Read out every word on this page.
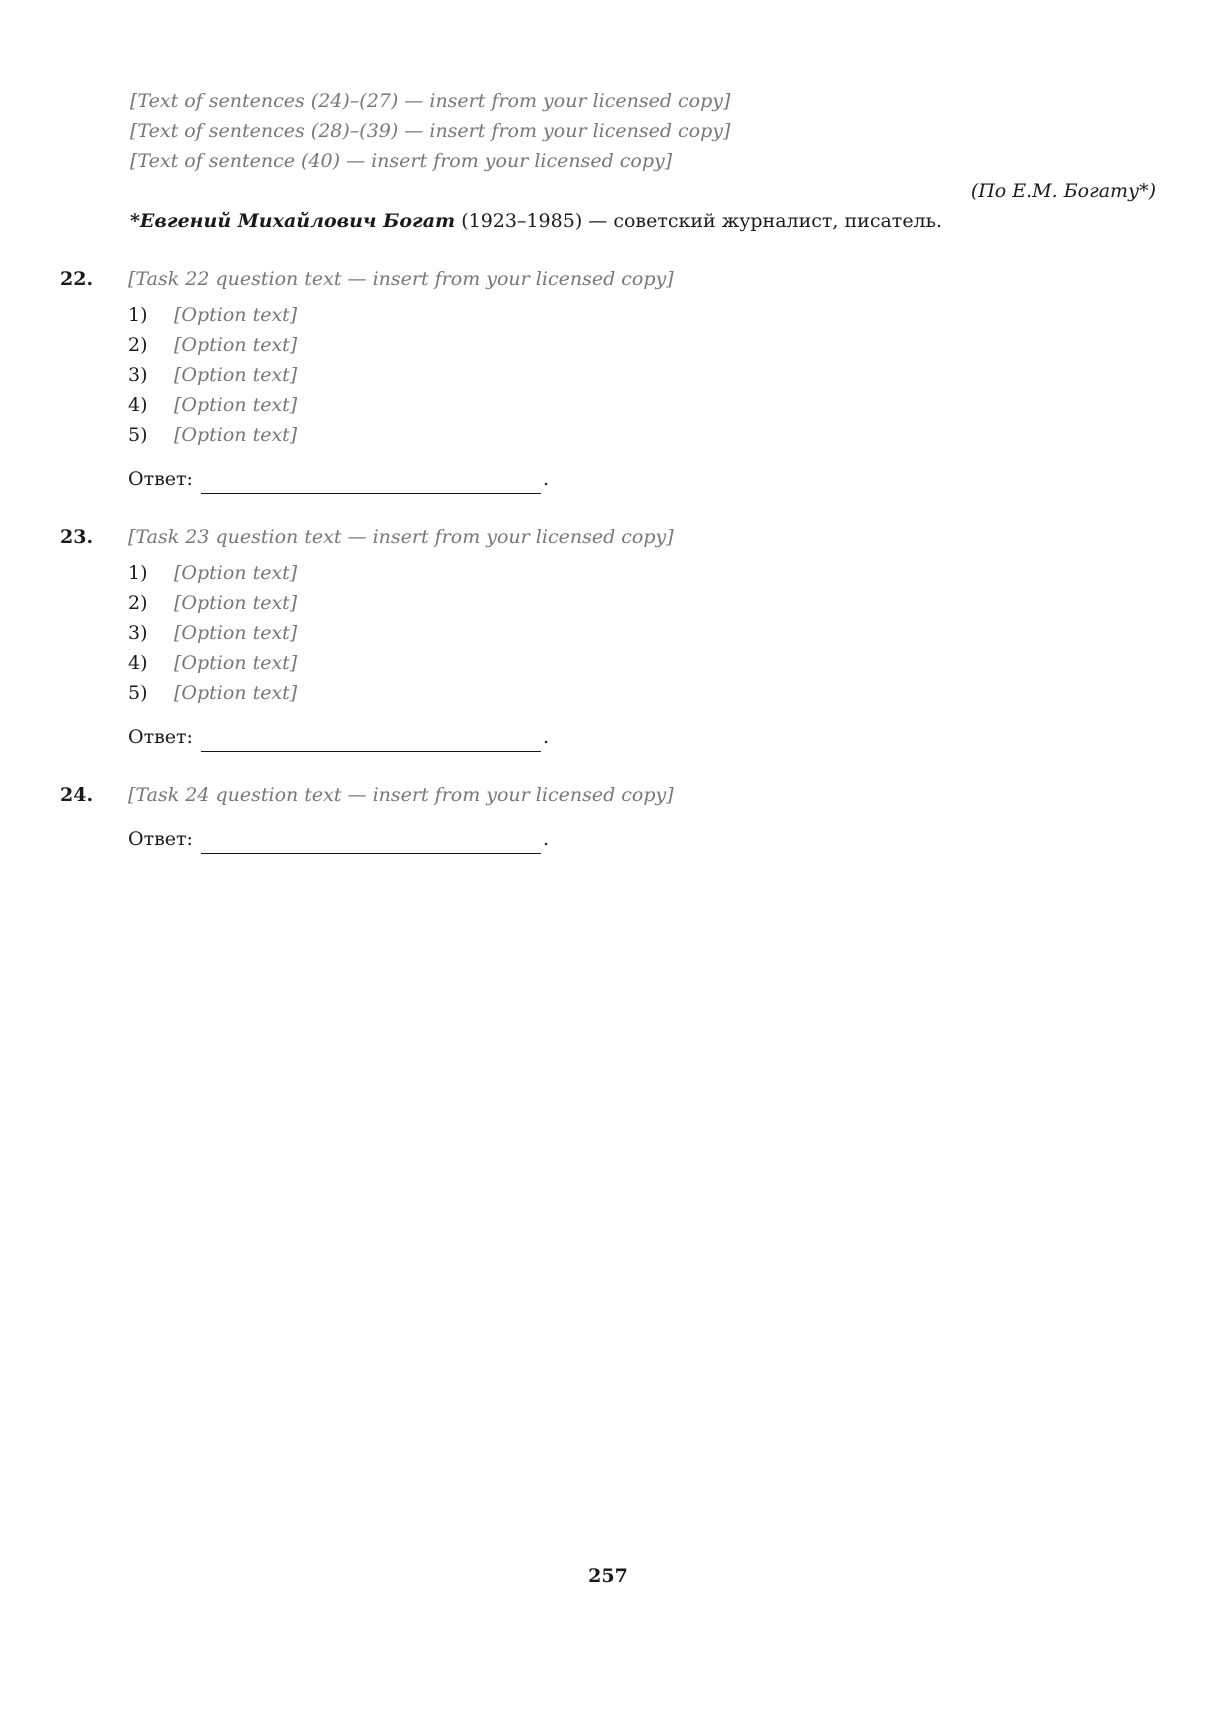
[Text of sentences (24)–(27) — insert from your licensed copy]

[Text of sentences (28)–(39) — insert from your licensed copy]

[Text of sentence (40) — insert from your licensed copy]

(По Е.М. Богату*)

*Евгений Михайлович Богат (1923–1985) — советский журналист, писатель.

22.	[Task 22 question text — insert from your licensed copy]

1)	[Option text]
2)	[Option text]
3)	[Option text]
4)	[Option text]
5)	[Option text]
Ответ:	.
23.	[Task 23 question text — insert from your licensed copy]

1)	[Option text]
2)	[Option text]
3)	[Option text]
4)	[Option text]
5)	[Option text]
Ответ:	.
24.	[Task 24 question text — insert from your licensed copy]

Ответ:	.
257
